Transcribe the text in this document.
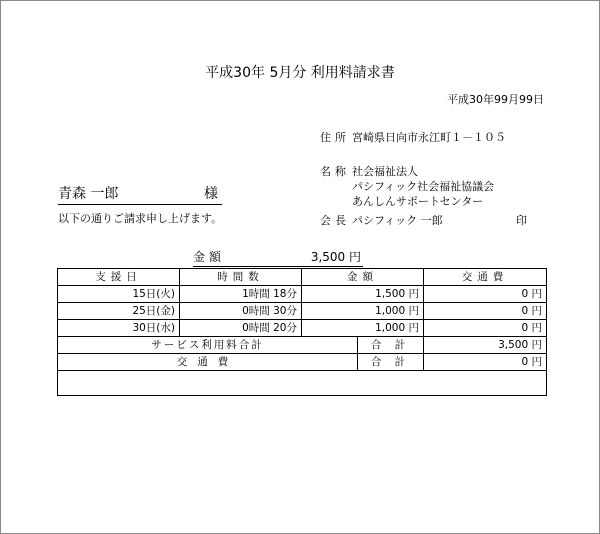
平成30年 5月分 利用料請求書
平成30年99月99日
住所 宮崎県日向市永江町１－１０５
名称 社会福祉法人
パシフィック社会福祉協議会
あんしんサポートセンター
会長 パシフィック 一郎	印
青森 一郎	様
以下の通りご請求申し上げます。
金額	3,500 円
支援日	時間数	金額		交通費
15日(火)	1時間 18分	1,500 円		0 円
25日(金)	0時間 30分	1,000 円		0 円
30日(水)	0時間 20分	1,000 円		0 円
サービス利用料合計			合 計	3,500 円
交通費			合 計	0 円
